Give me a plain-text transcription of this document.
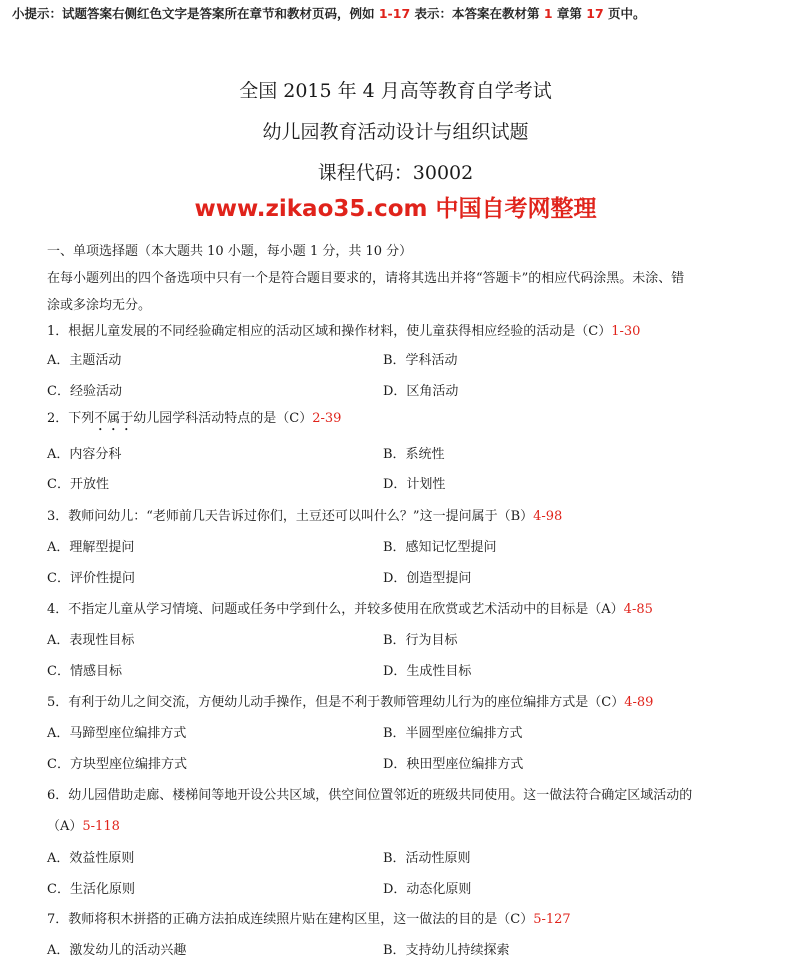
小提示：试题答案右侧红色文字是答案所在章节和教材页码，例如 1-17 表示：本答案在教材第 1 章第 17 页中。
全国 2015 年 4 月高等教育自学考试
幼儿园教育活动设计与组织试题
课程代码：30002
www.zikao35.com 中国自考网整理
一、单项选择题（本大题共 10 小题，每小题 1 分，共 10 分）
在每小题列出的四个备选项中只有一个是符合题目要求的，请将其选出并将“答题卡”的相应代码涂黑。未涂、错
涂或多涂均无分。
1．根据儿童发展的不同经验确定相应的活动区域和操作材料，使儿童获得相应经验的活动是（C）1-30
A．主题活动	B．学科活动
C．经验活动	D．区角活动
2．下列不属于幼儿园学科活动特点的是（C）2-39
A．内容分科	B．系统性
C．开放性	D．计划性
3．教师问幼儿：“老师前几天告诉过你们，土豆还可以叫什么？”这一提问属于（B）4-98
A．理解型提问	B．感知记忆型提问
C．评价性提问	D．创造型提问
4．不指定儿童从学习情境、问题或任务中学到什么，并较多使用在欣赏或艺术活动中的目标是（A）4-85
A．表现性目标	B．行为目标
C．情感目标	D．生成性目标
5．有利于幼儿之间交流，方便幼儿动手操作，但是不利于教师管理幼儿行为的座位编排方式是（C）4-89
A．马蹄型座位编排方式	B．半圆型座位编排方式
C．方块型座位编排方式	D．秧田型座位编排方式
6．幼儿园借助走廊、楼梯间等地开设公共区域，供空间位置邻近的班级共同使用。这一做法符合确定区域活动的
（A）5-118
A．效益性原则	B．活动性原则
C．生活化原则	D．动态化原则
7．教师将积木拼搭的正确方法拍成连续照片贴在建构区里，这一做法的目的是（C）5-127
A．激发幼儿的活动兴趣	B．支持幼儿持续探索
